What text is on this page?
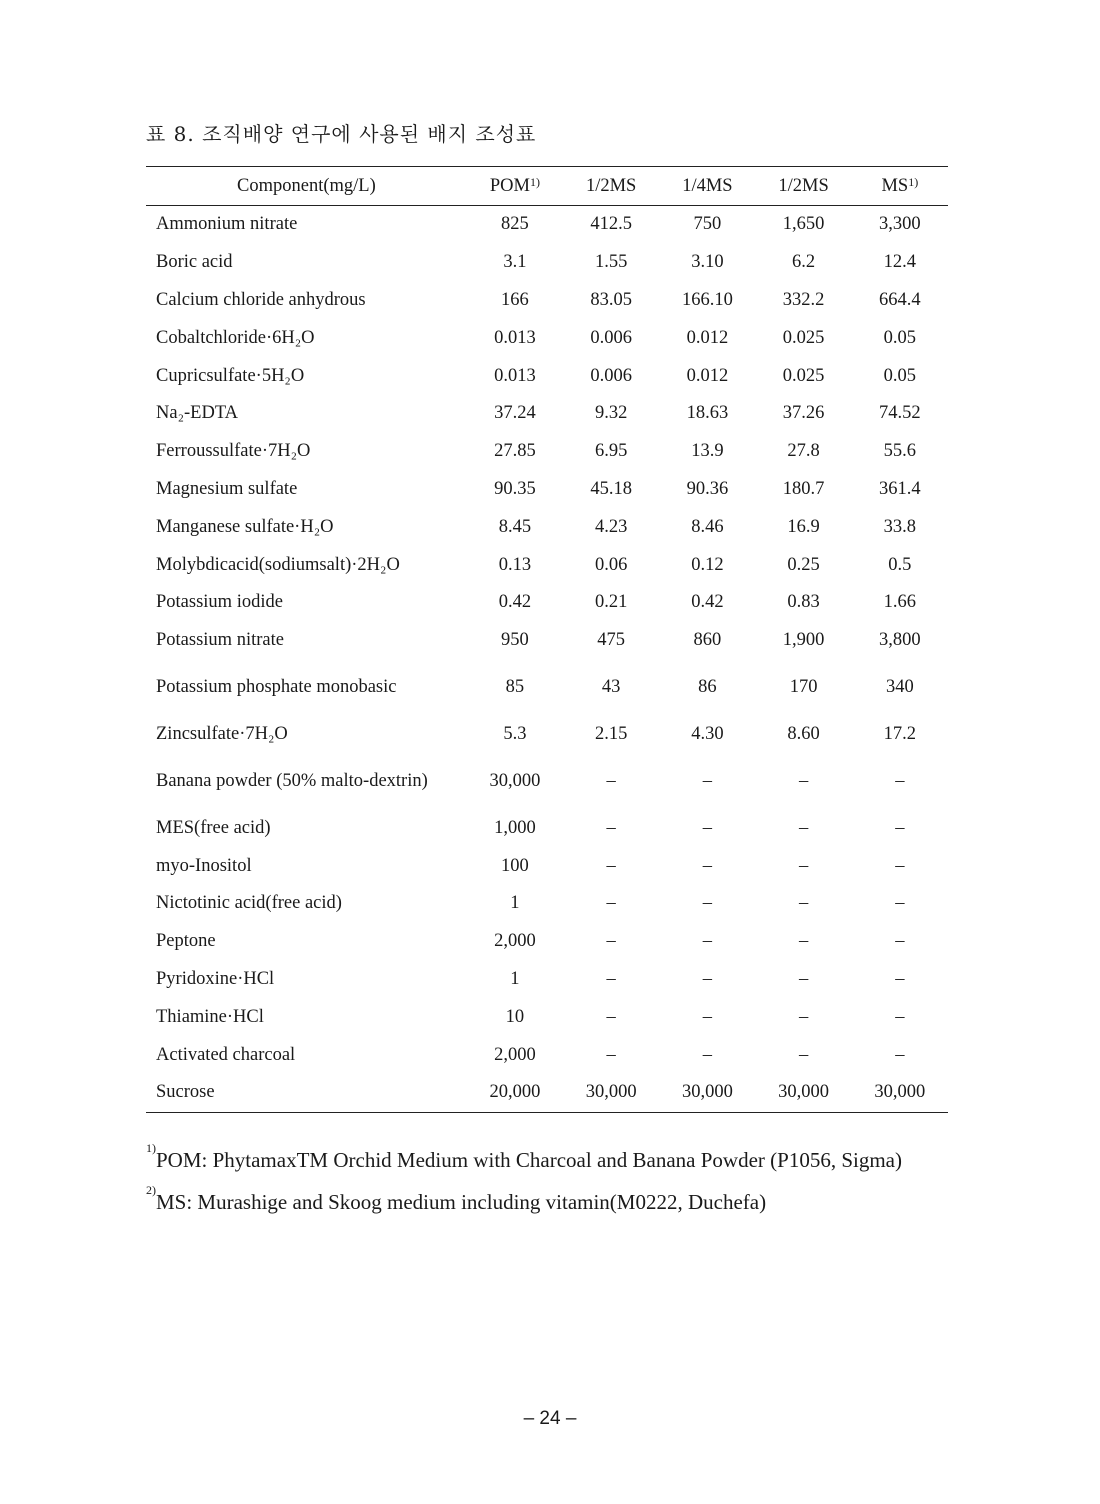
표 8. 조직배양 연구에 사용된 배지 조성표
Component(mg/L)	POM$^{1)}$	1/2MS	1/4MS	1/2MS	MS$^{1)}$
Ammonium nitrate	825	412.5	750	1,650	3,300
Boric acid	3.1	1.55	3.10	6.2	12.4
Calcium chloride anhydrous	166	83.05	166.10	332.2	664.4
Cobaltchloride·6H₂O	0.013	0.006	0.012	0.025	0.05
Cupricsulfate·5H₂O	0.013	0.006	0.012	0.025	0.05
Na₂-EDTA	37.24	9.32	18.63	37.26	74.52
Ferroussulfate·7H₂O	27.85	6.95	13.9	27.8	55.6
Magnesium sulfate	90.35	45.18	90.36	180.7	361.4
Manganese sulfate·H₂O	8.45	4.23	8.46	16.9	33.8
Molybdicacid(sodiumsalt)·2H₂O	0.13	0.06	0.12	0.25	0.5
Potassium iodide	0.42	0.21	0.42	0.83	1.66
Potassium nitrate	950	475	860	1,900	3,800
Potassium phosphate monobasic	85	43	86	170	340
Zincsulfate·7H₂O	5.3	2.15	4.30	8.60	17.2
Banana powder (50% malto-dextrin)	30,000	–	–	–	–
MES(free acid)	1,000	–	–	–	–
myo-Inositol	100	–	–	–	–
Nictotinic acid(free acid)	1	–	–	–	–
Peptone	2,000	–	–	–	–
Pyridoxine·HCl	1	–	–	–	–
Thiamine·HCl	10	–	–	–	–
Activated charcoal	2,000	–	–	–	–
Sucrose	20,000	30,000	30,000	30,000	30,000

$^{1)}$POM: PhytamaxTM Orchid Medium with Charcoal and Banana Powder (P1056, Sigma)

$^{2)}$MS: Murashige and Skoog medium including vitamin(M0222, Duchefa)

– 24 –
